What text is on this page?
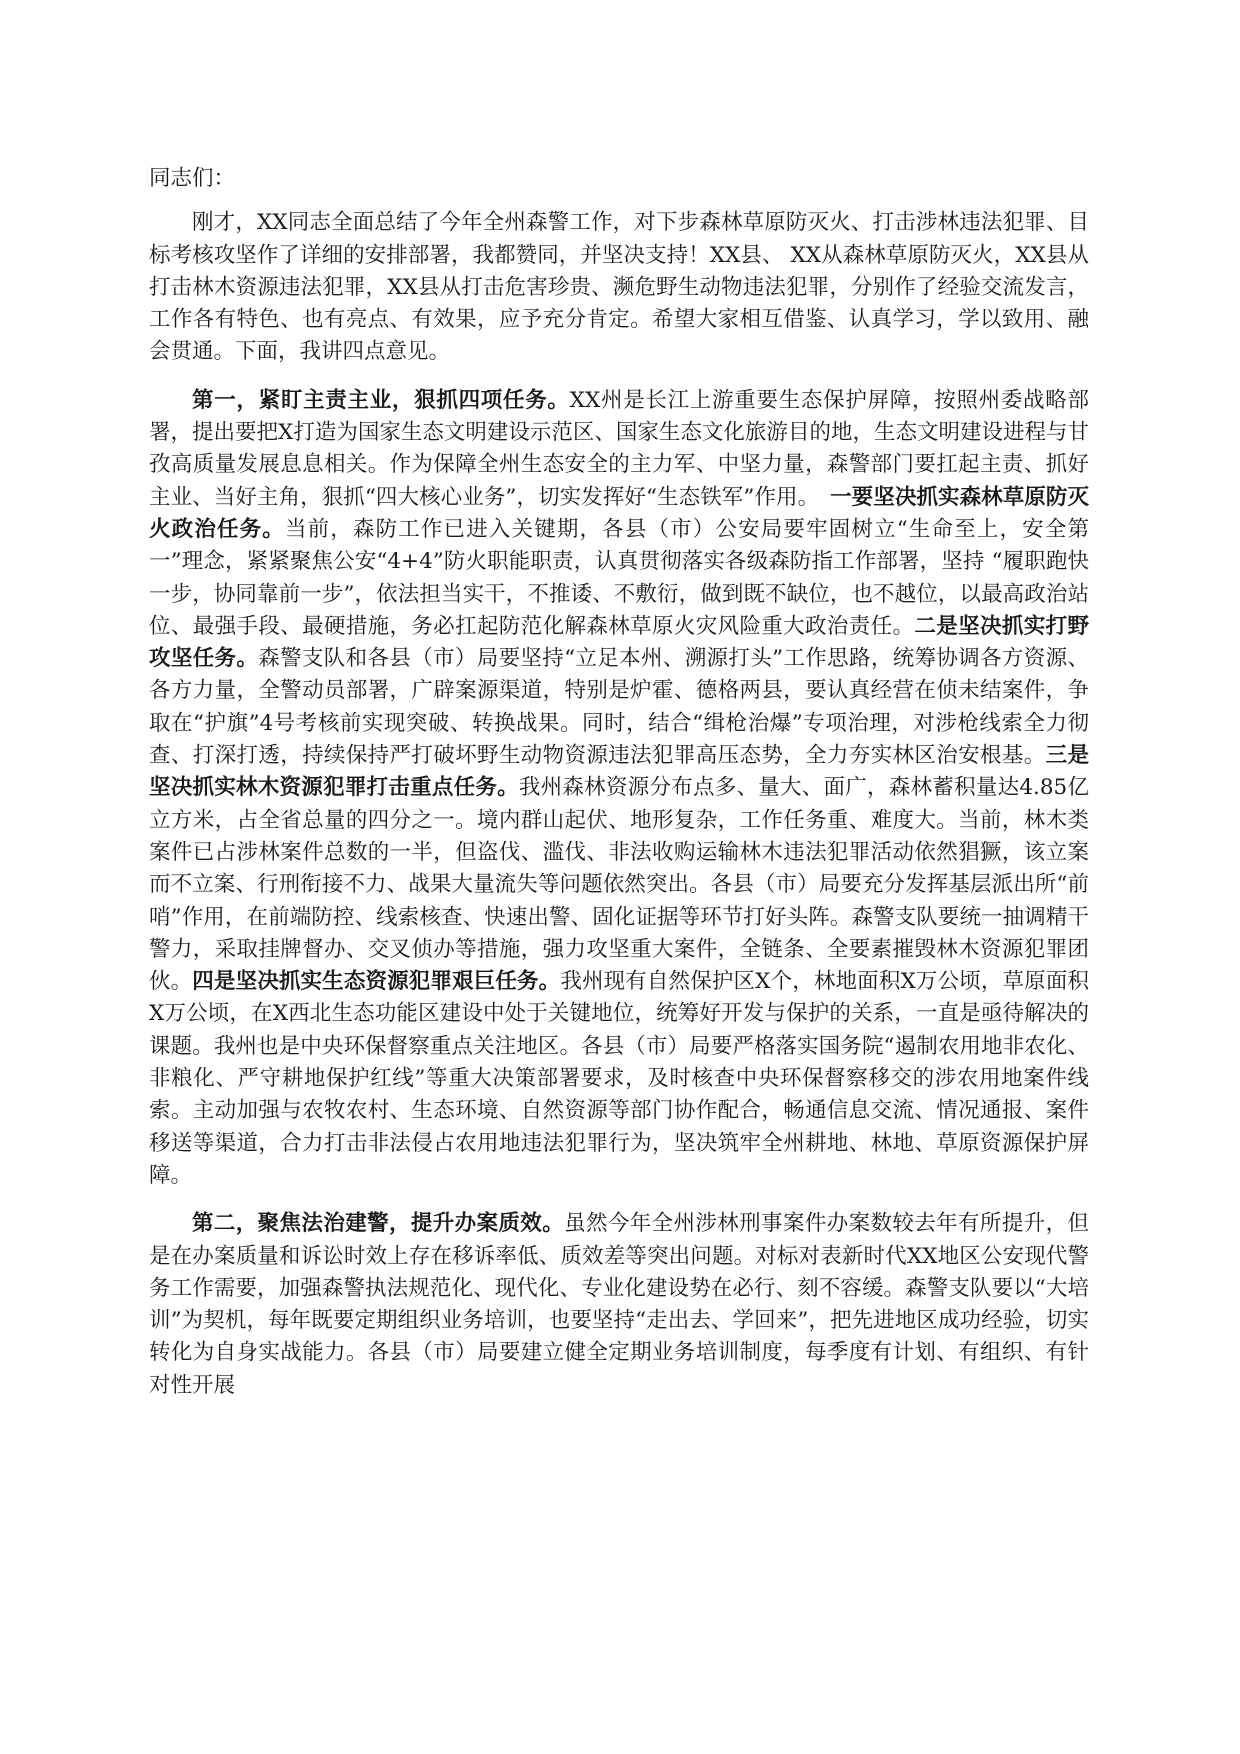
同志们：

刚才，XX同志全面总结了今年全州森警工作，对下步森林草原防灭火、打击涉林违法犯罪、目标考核攻坚作了详细的安排部署，我都赞同，并坚决支持！XX县、 XX从森林草原防灭火，XX县从打击林木资源违法犯罪，XX县从打击危害珍贵、濒危野生动物违法犯罪，分别作了经验交流发言，工作各有特色、也有亮点、有效果，应予充分肯定。希望大家相互借鉴、认真学习，学以致用、融会贯通。下面，我讲四点意见。

第一，紧盯主责主业，狠抓四项任务。XX州是长江上游重要生态保护屏障，按照州委战略部署，提出要把X打造为国家生态文明建设示范区、国家生态文化旅游目的地，生态文明建设进程与甘孜高质量发展息息相关。作为保障全州生态安全的主力军、中坚力量，森警部门要扛起主责、抓好主业、当好主角，狠抓“四大核心业务”，切实发挥好“生态铁军”作用。　一要坚决抓实森林草原防灭火政治任务。当前，森防工作已进入关键期，各县（市）公安局要牢固树立“生命至上，安全第一”理念，紧紧聚焦公安“4+4”防火职能职责，认真贯彻落实各级森防指工作部署，坚持 “履职跑快一步，协同靠前一步”，依法担当实干，不推诿、不敷衍，做到既不缺位，也不越位，以最高政治站位、最强手段、最硬措施，务必扛起防范化解森林草原火灾风险重大政治责任。二是坚决抓实打野攻坚任务。森警支队和各县（市）局要坚持“立足本州、溯源打头”工作思路，统筹协调各方资源、各方力量，全警动员部署，广辟案源渠道，特别是炉霍、德格两县，要认真经营在侦未结案件，争取在“护旗”4号考核前实现突破、转换战果。同时，结合“缉枪治爆”专项治理，对涉枪线索全力彻查、打深打透，持续保持严打破坏野生动物资源违法犯罪高压态势，全力夯实林区治安根基。三是坚决抓实林木资源犯罪打击重点任务。我州森林资源分布点多、量大、面广，森林蓄积量达4.85亿立方米，占全省总量的四分之一。境内群山起伏、地形复杂，工作任务重、难度大。当前，林木类案件已占涉林案件总数的一半，但盗伐、滥伐、非法收购运输林木违法犯罪活动依然猖獗，该立案而不立案、行刑衔接不力、战果大量流失等问题依然突出。各县（市）局要充分发挥基层派出所“前哨”作用，在前端防控、线索核查、快速出警、固化证据等环节打好头阵。森警支队要统一抽调精干警力，采取挂牌督办、交叉侦办等措施，强力攻坚重大案件，全链条、全要素摧毁林木资源犯罪团伙。四是坚决抓实生态资源犯罪艰巨任务。我州现有自然保护区X个，林地面积X万公顷，草原面积X万公顷，在X西北生态功能区建设中处于关键地位，统筹好开发与保护的关系，一直是亟待解决的课题。我州也是中央环保督察重点关注地区。各县（市）局要严格落实国务院“遏制农用地非农化、非粮化、严守耕地保护红线”等重大决策部署要求，及时核查中央环保督察移交的涉农用地案件线索。主动加强与农牧农村、生态环境、自然资源等部门协作配合，畅通信息交流、情况通报、案件移送等渠道，合力打击非法侵占农用地违法犯罪行为，坚决筑牢全州耕地、林地、草原资源保护屏障。

第二，聚焦法治建警，提升办案质效。虽然今年全州涉林刑事案件办案数较去年有所提升，但是在办案质量和诉讼时效上存在移诉率低、质效差等突出问题。对标对表新时代XX地区公安现代警务工作需要，加强森警执法规范化、现代化、专业化建设势在必行、刻不容缓。森警支队要以“大培训”为契机，每年既要定期组织业务培训，也要坚持“走出去、学回来”，把先进地区成功经验，切实转化为自身实战能力。各县（市）局要建立健全定期业务培训制度，每季度有计划、有组织、有针对性开展
